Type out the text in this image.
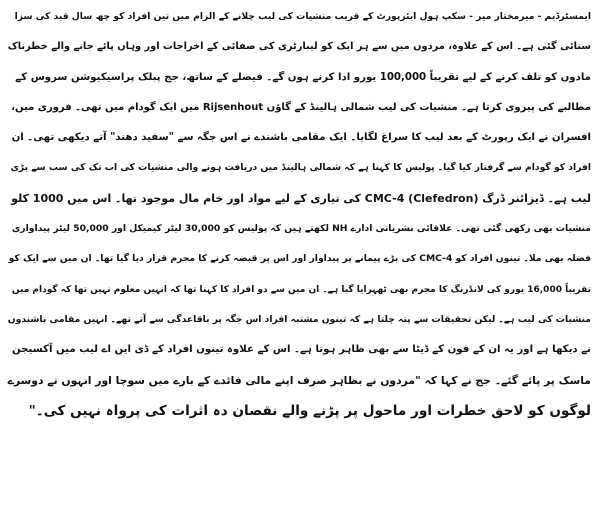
ایمسٹرڈیم - میرمختار میر - سکپ ہول ایئرپورٹ کے قریب منشیات کی لیب چلانے کے الزام میں تین افراد کو چھ سال قید کی سزا
سنائی گئی ہے۔ اس کے علاوہ، مردوں میں سے ہر ایک کو لیبارٹری کی صفائی کے اخراجات اور وہاں پائے جانے والے خطرناک
مادوں کو تلف کرنے کے لیے تقریباً 100,000 یورو ادا کرنے ہوں گے۔ فیصلے کے ساتھ، جج پبلک پراسیکیوشن سروس کے
مطالبے کی پیروی کرتا ہے۔ منشیات کی لیب شمالی ہالینڈ کے گاؤں Rijsenhout میں ایک گودام میں تھی۔ فروری میں،
افسران نے ایک رپورٹ کے بعد لیب کا سراغ لگایا۔ ایک مقامی باشندے نے اس جگہ سے "سفید دھند" آتے دیکھی تھی۔ ان
افراد کو گودام سے گرفتار کیا گیا۔ پولیس کا کہنا ہے کہ شمالی ہالینڈ میں دریافت ہونے والی منشیات کی اب تک کی سب سے بڑی
لیب ہے۔ ڈیزائنر ڈرگ CMC-4 (Clefedron) کی تیاری کے لیے مواد اور خام مال موجود تھا۔ اس میں 1000 کلو
منشیات بھی رکھی گئی تھی۔ علاقائی نشریاتی ادارے NH لکھتے ہیں کہ پولیس کو 30,000 لیٹر کیمیکل اور 50,000 لیٹر پیداواری
فضلہ بھی ملا۔ تینوں افراد کو CMC-4 کی بڑے پیمانے پر پیداوار اور اس پر قبضہ کرنے کا مجرم قرار دیا گیا تھا۔ ان میں سے ایک کو
تقریباً 16,000 یورو کی لانڈرنگ کا مجرم بھی ٹھہرایا گیا ہے۔ ان میں سے دو افراد کا کہنا تھا کہ انہیں معلوم نہیں تھا کہ گودام میں
منشیات کی لیب ہے۔ لیکن تحقیقات سے پتہ چلتا ہے کہ تینوں مشتبہ افراد اس جگہ پر باقاعدگی سے آتے تھے۔ انہیں مقامی باشندوں
نے دیکھا ہے اور یہ ان کے فون کے ڈیٹا سے بھی ظاہر ہوتا ہے۔ اس کے علاوہ تینوں افراد کے ڈی این اے لیب میں آکسیجن
ماسک پر پائے گئے۔ جج نے کہا کہ "مردوں نے بظاہر صرف اپنے مالی فائدے کے بارے میں سوچا اور انہوں نے دوسرے
لوگوں کو لاحق خطرات اور ماحول پر پڑنے والے نقصان دہ اثرات کی پرواہ نہیں کی۔"
